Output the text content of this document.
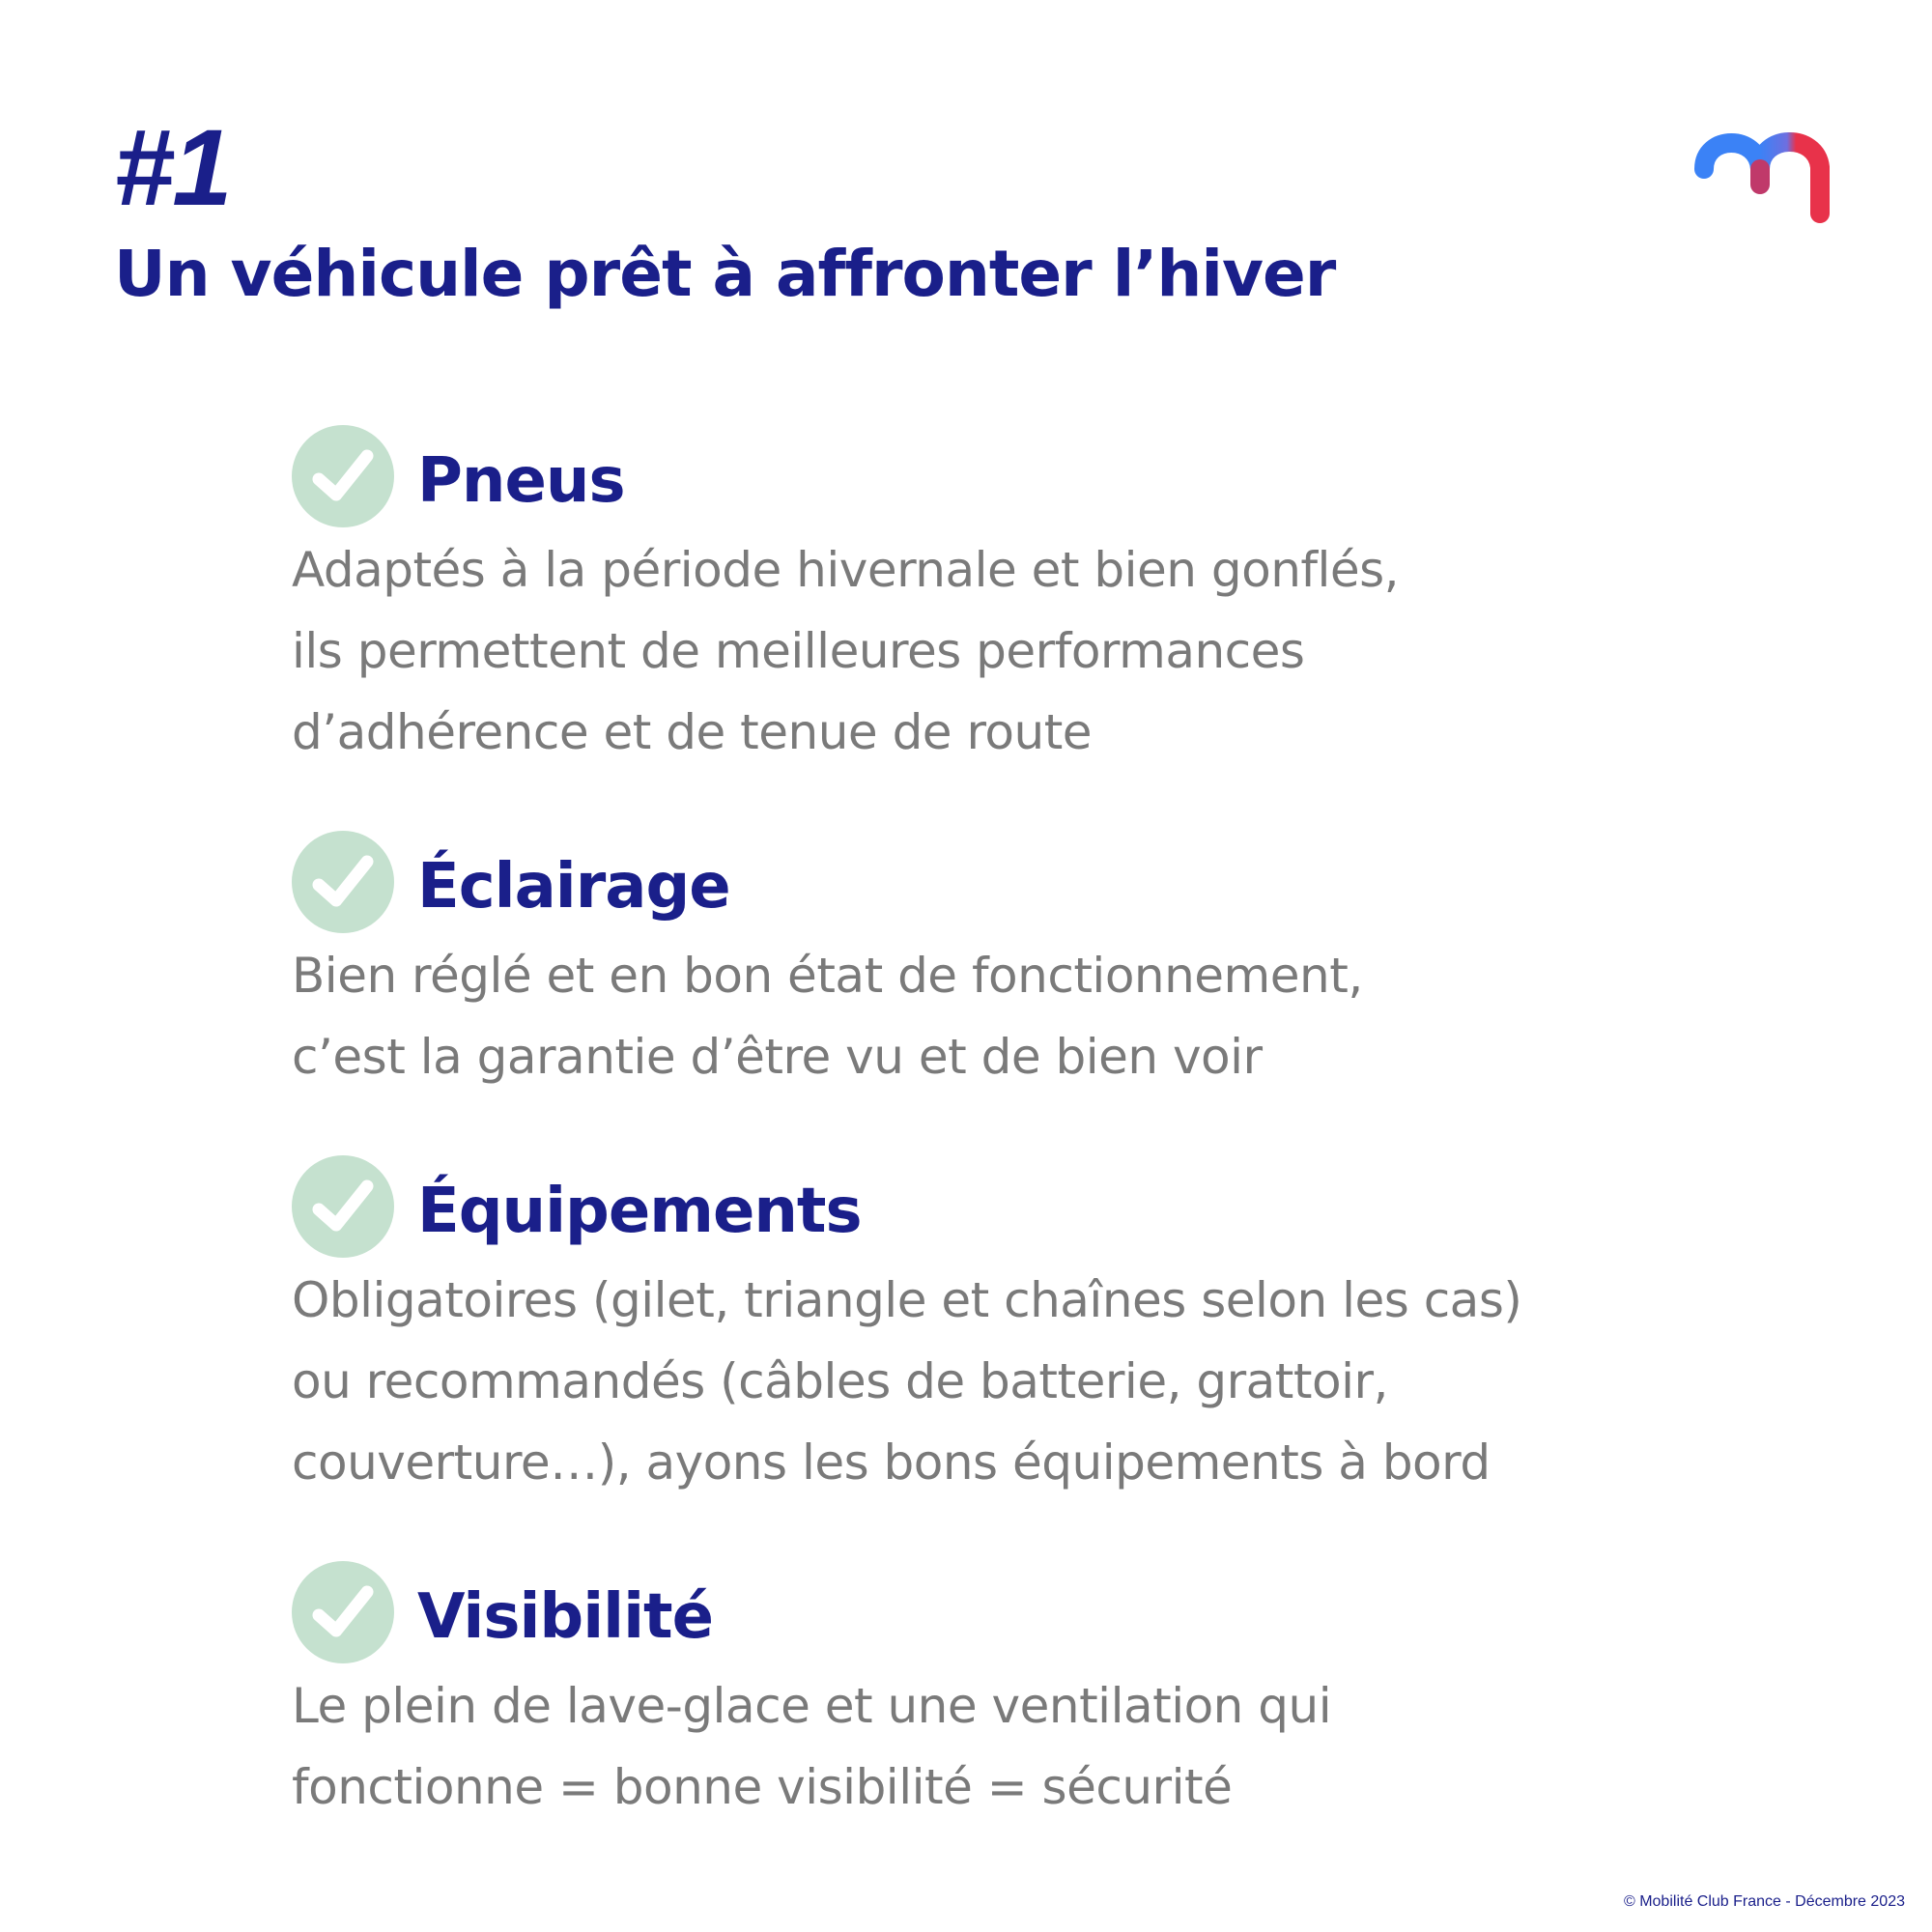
#1
Un véhicule prêt à affronter l’hiver
Pneus

Adaptés à la période hivernale et bien gonflés,
ils permettent de meilleures performances
d’adhérence et de tenue de route

Éclairage

Bien réglé et en bon état de fonctionnement,
c’est la garantie d’être vu et de bien voir

Équipements

Obligatoires (gilet, triangle et chaînes selon les cas)
ou recommandés (câbles de batterie, grattoir,
couverture…), ayons les bons équipements à bord

Visibilité

Le plein de lave-glace et une ventilation qui
fonctionne = bonne visibilité = sécurité

© Mobilité Club France - Décembre 2023
